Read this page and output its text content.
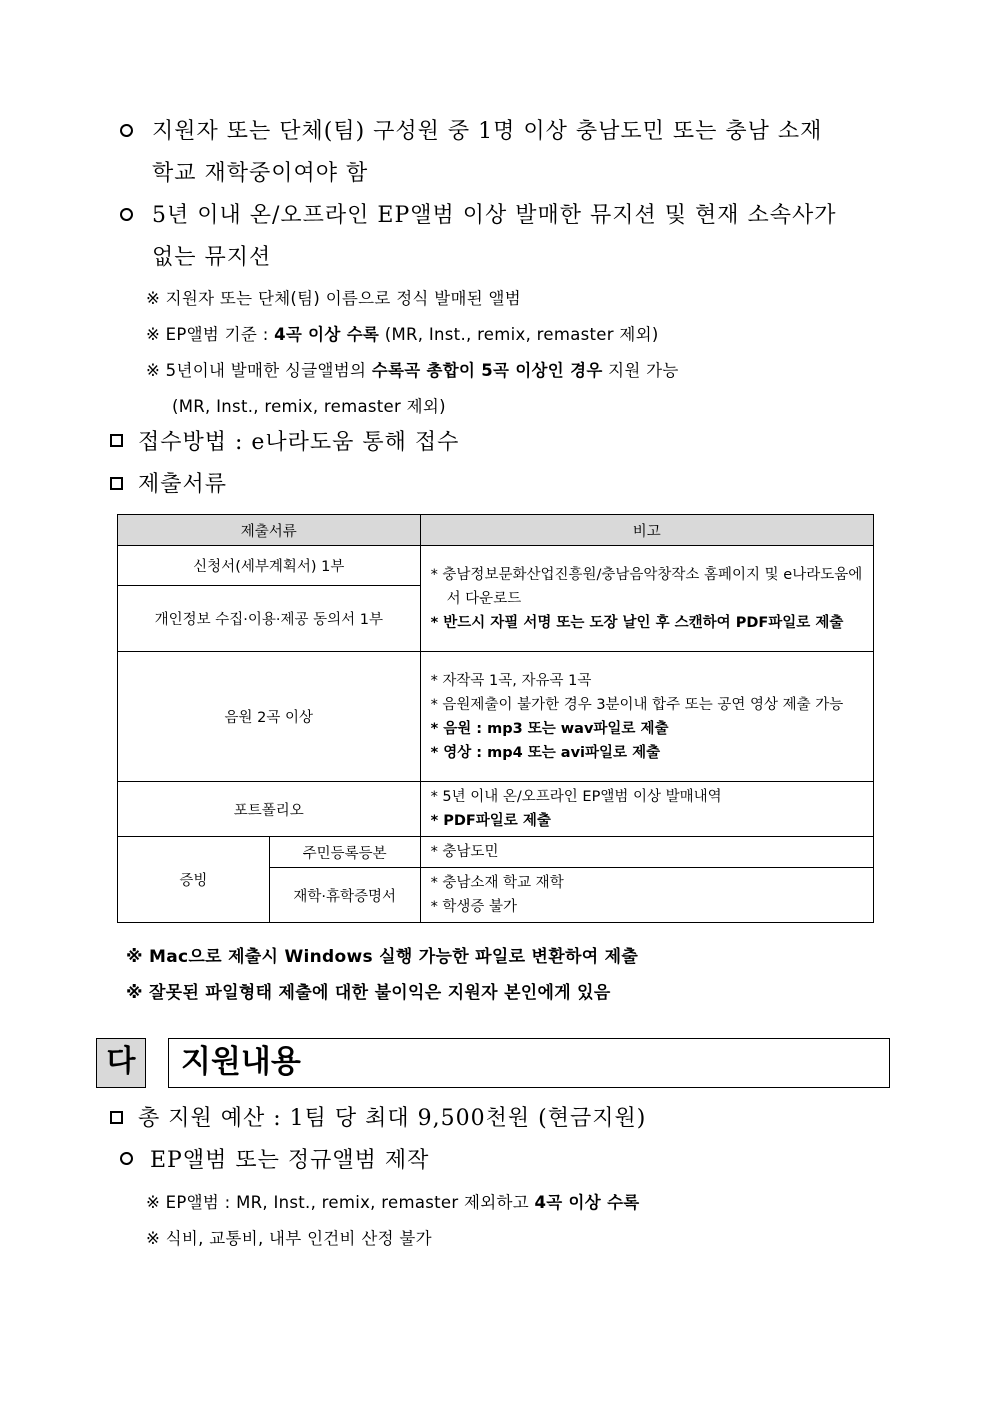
지원자 또는 단체(팀) 구성원 중 1명 이상 충남도민 또는 충남 소재
학교 재학중이여야 함
5년 이내 온/오프라인 EP앨범 이상 발매한 뮤지션 및 현재 소속사가
없는 뮤지션
※ 지원자 또는 단체(팀) 이름으로 정식 발매된 앨범
※ EP앨범 기준 : 4곡 이상 수록 (MR, Inst., remix, remaster 제외)
※ 5년이내 발매한 싱글앨범의 수록곡 총합이 5곡 이상인 경우 지원 가능
(MR, Inst., remix, remaster 제외)
접수방법 : e나라도움 통해 접수
제출서류
제출서류		비고
신청서(세부계획서) 1부		* 충남정보문화산업진흥원/충남음악창작소 홈페이지 및 e나라도움에서 다운로드
* 반드시 자필 서명 또는 도장 날인 후 스캔하여 PDF파일로 제출

개인정보 수집·이용·제공 동의서 1부		
음원 2곡 이상		* 자작곡 1곡, 자유곡 1곡
* 음원제출이 불가한 경우 3분이내 합주 또는 공연 영상 제출 가능
* 음원 : mp3 또는 wav파일로 제출
* 영상 : mp4 또는 avi파일로 제출

포트폴리오		* 5년 이내 온/오프라인 EP앨범 이상 발매내역
* PDF파일로 제출

증빙	주민등록등본	* 충남도민

	재학·휴학증명서	* 충남소재 학교 재학
* 학생증 불가
※ Mac으로 제출시 Windows 실행 가능한 파일로 변환하여 제출
※ 잘못된 파일형태 제출에 대한 불이익은 지원자 본인에게 있음
다	지원내용
총 지원 예산 : 1팀 당 최대 9,500천원 (현금지원)
EP앨범 또는 정규앨범 제작
※ EP앨범 : MR, Inst., remix, remaster 제외하고 4곡 이상 수록
※ 식비, 교통비, 내부 인건비 산정 불가
